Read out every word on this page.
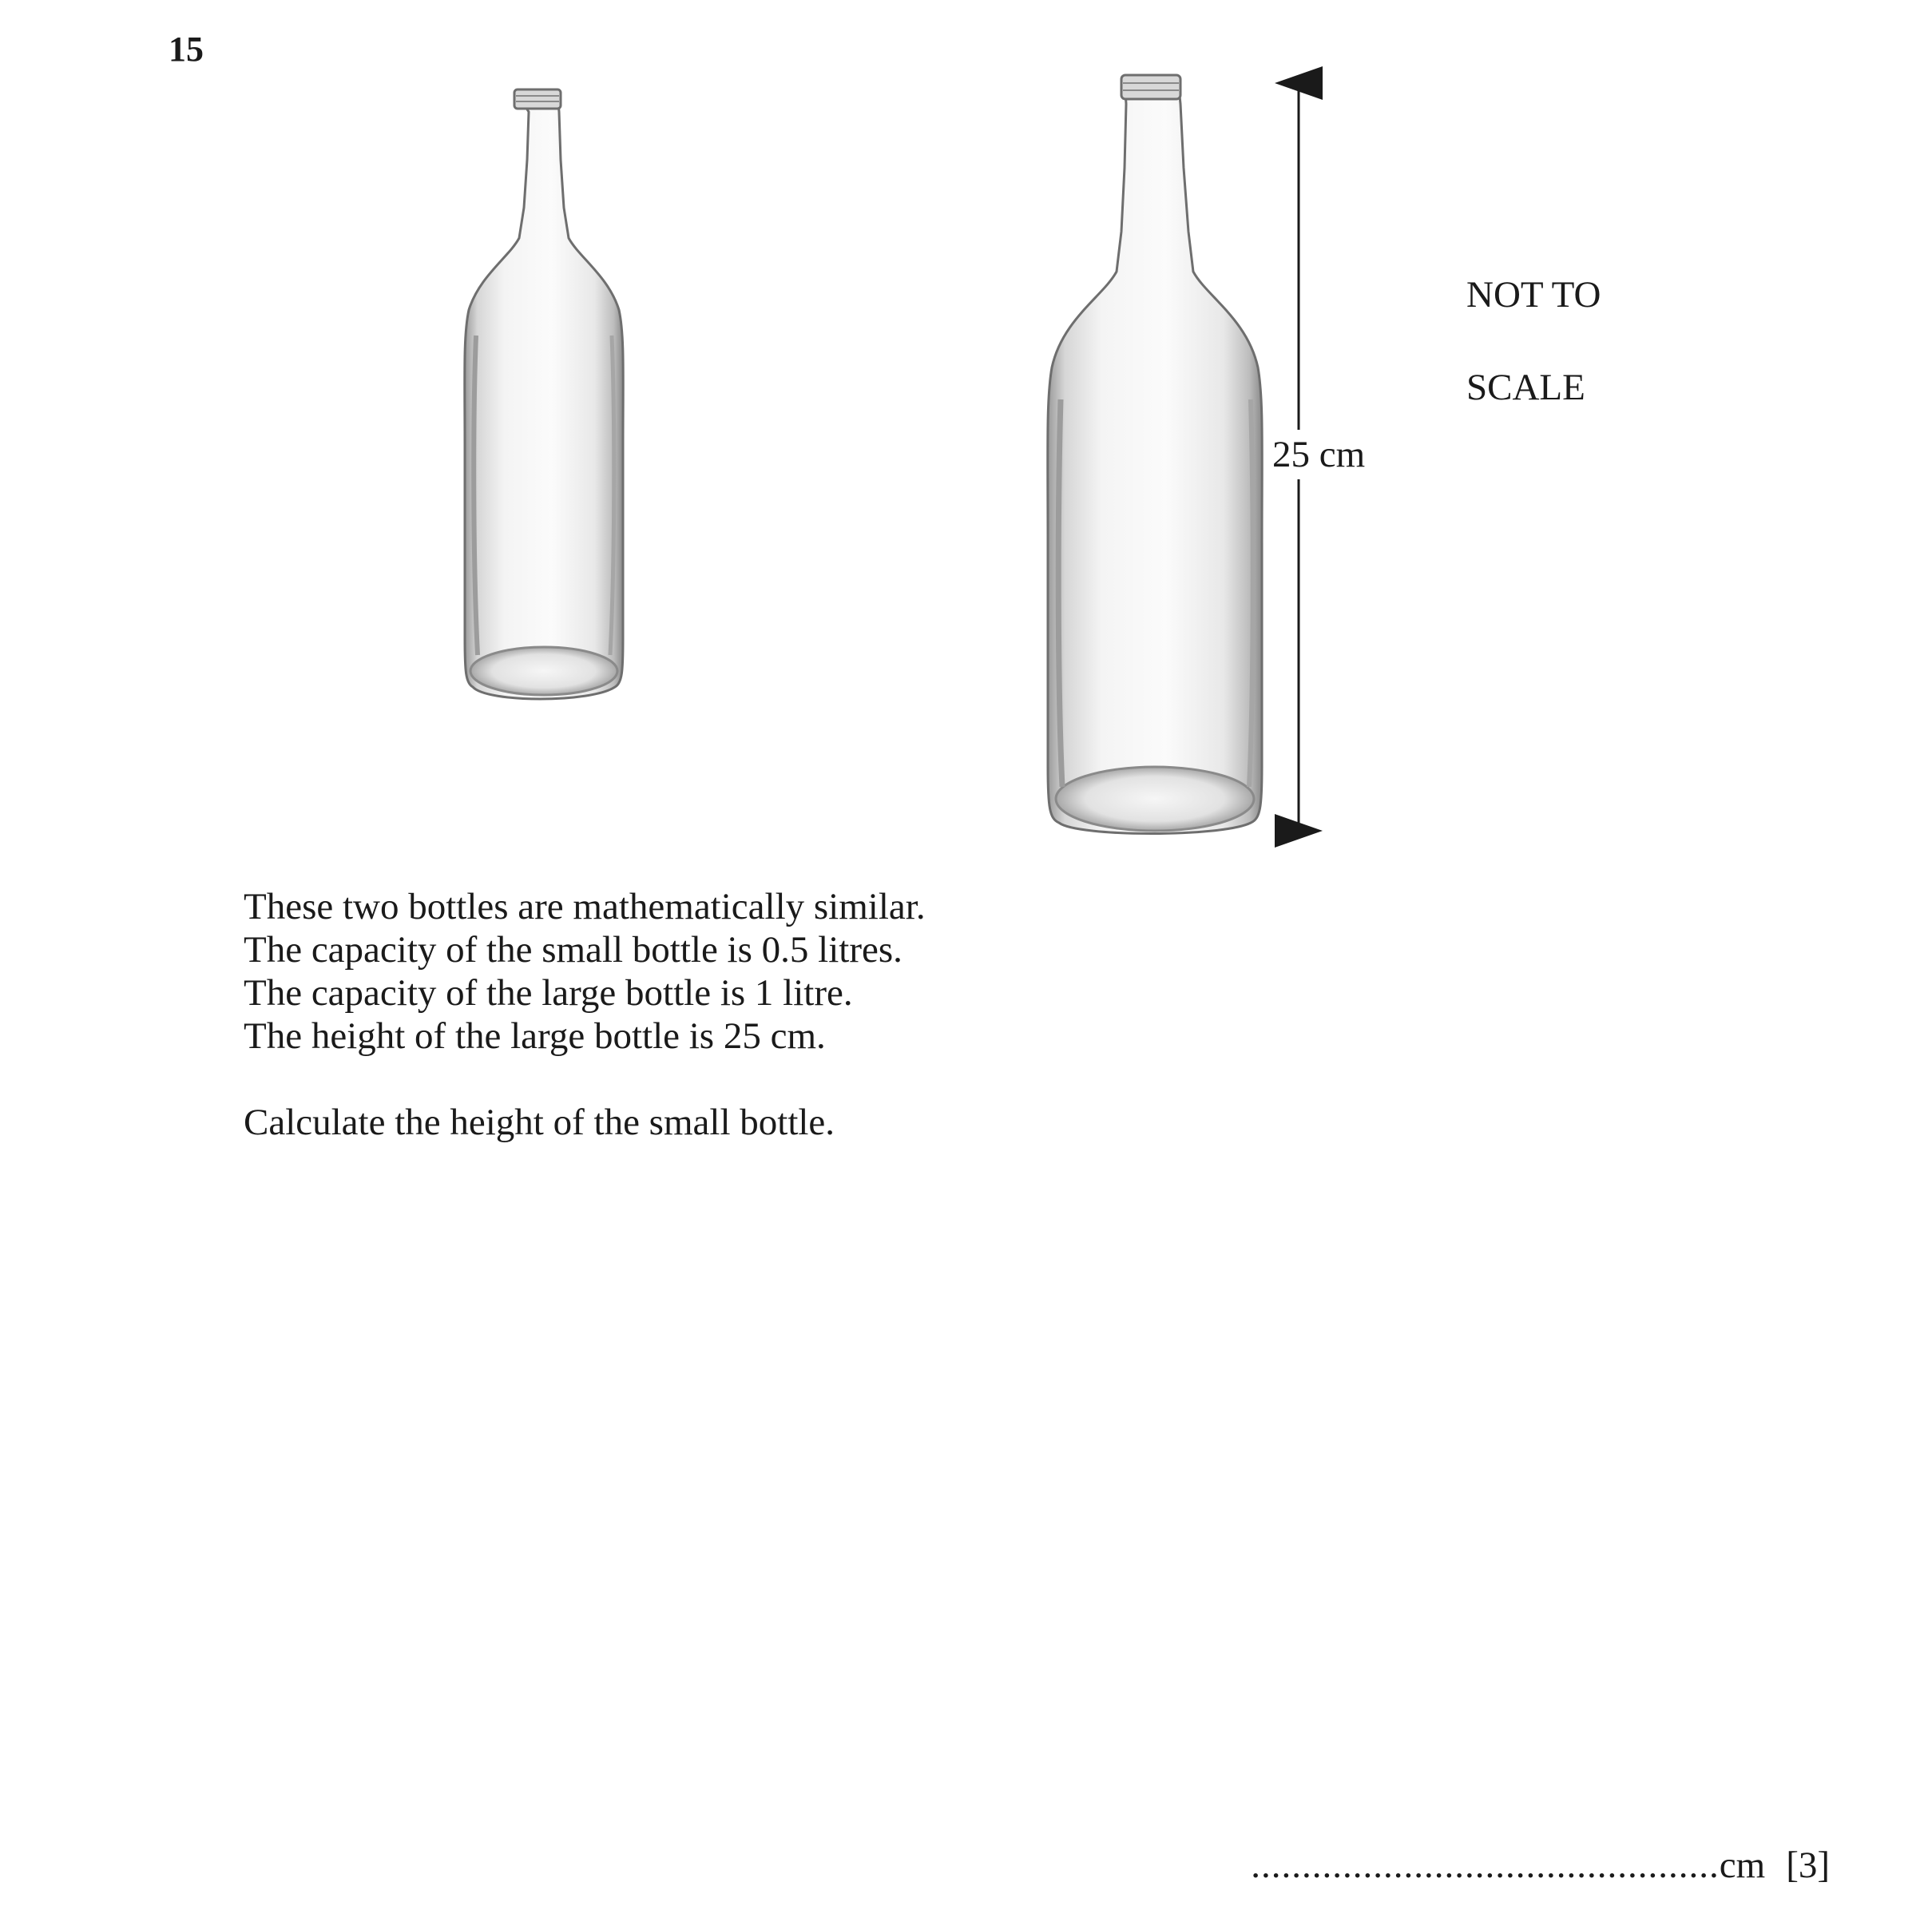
15
25 cm

NOT TO

SCALE

These two bottles are mathematically similar.

The capacity of the small bottle is 0.5 litres.

The capacity of the large bottle is 1 litre.

The height of the large bottle is 25 cm.

Calculate the height of the small bottle.

..............................................cm [3]
